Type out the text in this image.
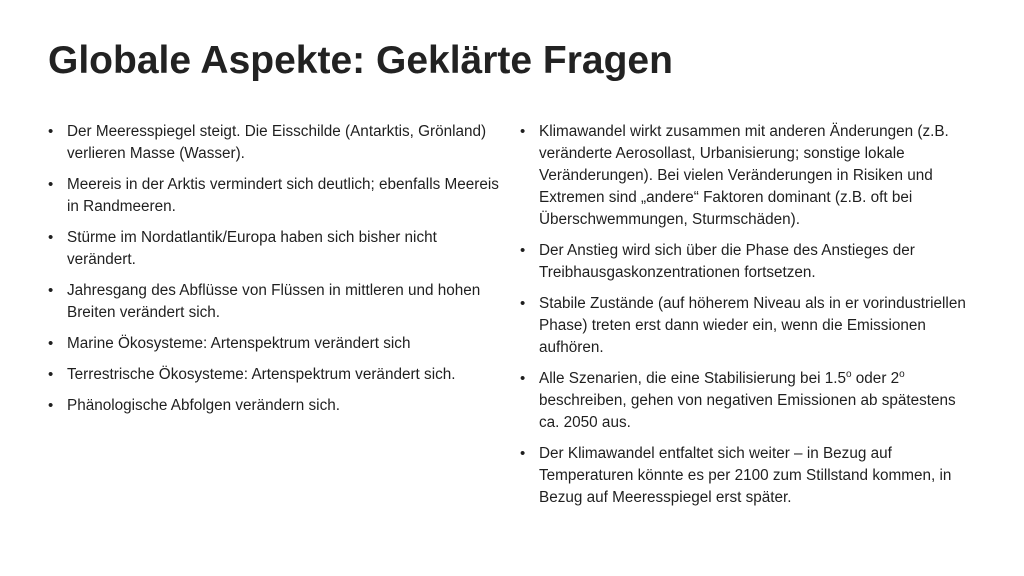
Globale Aspekte: Geklärte Fragen
• Der Meeresspiegel steigt. Die Eisschilde (Antarktis, Grönland) verlieren Masse (Wasser).
• Meereis in der Arktis vermindert sich deutlich; ebenfalls Meereis in Randmeeren.
• Stürme im Nordatlantik/Europa haben sich bisher nicht verändert.
• Jahresgang des Abflüsse von Flüssen in mittleren und hohen Breiten verändert sich.
• Marine Ökosysteme: Artenspektrum verändert sich
• Terrestrische Ökosysteme: Artenspektrum verändert sich.
• Phänologische Abfolgen verändern sich.
• Klimawandel wirkt zusammen mit anderen Änderungen (z.B. veränderte Aerosollast, Urbanisierung; sonstige lokale Veränderungen). Bei vielen Veränderungen in Risiken und Extremen sind „andere“ Faktoren dominant (z.B. oft bei Überschwemmungen, Sturmschäden).
• Der Anstieg wird sich über die Phase des Anstieges der Treibhausgaskonzentrationen fortsetzen.
• Stabile Zustände (auf höherem Niveau als in er vorindustriellen Phase) treten erst dann wieder ein, wenn die Emissionen aufhören.
• Alle Szenarien, die eine Stabilisierung bei 1.5$^o$ oder 2$^o$ beschreiben, gehen von negativen Emissionen ab spätestens ca. 2050 aus.
• Der Klimawandel entfaltet sich weiter – in Bezug auf Temperaturen könnte es per 2100 zum Stillstand kommen, in Bezug auf Meeresspiegel erst später.
